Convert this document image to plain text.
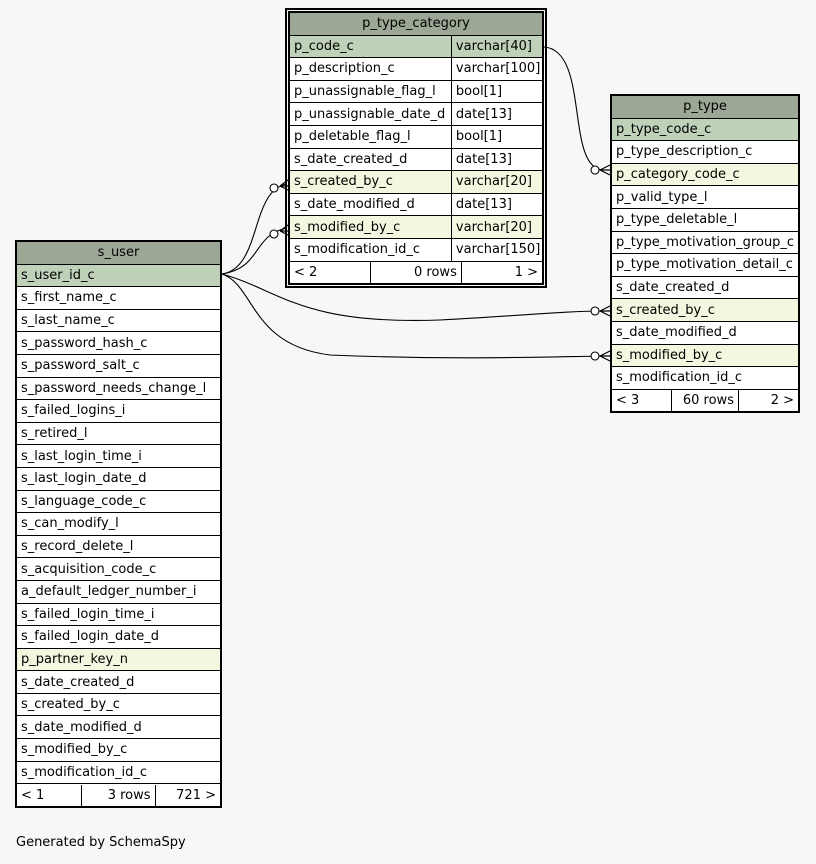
p_type_category
p_code_c	varchar[40]
p_description_c	varchar[100]
p_unassignable_flag_l	bool[1]
p_unassignable_date_d	date[13]
p_deletable_flag_l	bool[1]
s_date_created_d	date[13]
s_created_by_c	varchar[20]
s_date_modified_d	date[13]
s_modified_by_c	varchar[20]
s_modification_id_c	varchar[150]

< 2	0 rows	1 >
p_type
p_type_code_c
p_type_description_c
p_category_code_c
p_valid_type_l
p_type_deletable_l
p_type_motivation_group_c
p_type_motivation_detail_c
s_date_created_d
s_created_by_c
s_date_modified_d
s_modified_by_c
s_modification_id_c

< 3	60 rows	2 >
s_user
s_user_id_c
s_first_name_c
s_last_name_c
s_password_hash_c
s_password_salt_c
s_password_needs_change_l
s_failed_logins_i
s_retired_l
s_last_login_time_i
s_last_login_date_d
s_language_code_c
s_can_modify_l
s_record_delete_l
s_acquisition_code_c
a_default_ledger_number_i
s_failed_login_time_i
s_failed_login_date_d
p_partner_key_n
s_date_created_d
s_created_by_c
s_date_modified_d
s_modified_by_c
s_modification_id_c

< 1	3 rows	721 >
Generated by SchemaSpy
